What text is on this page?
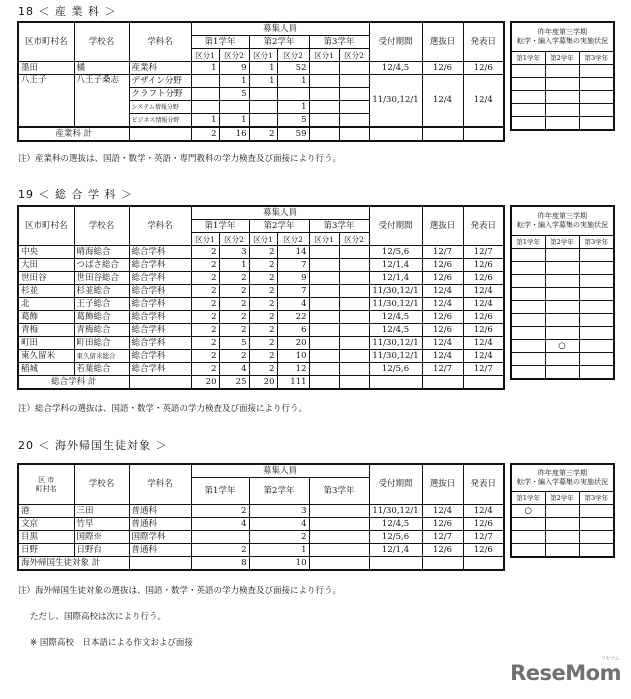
18 ＜ 産 業 科 ＞
区市町村名	学校名	学科名	募集人員						受付期間	選抜日	発表日
			第1学年		第2学年		第3学年				
			区分1	区分2	区分1	区分2	区分1	区分2			
墨田	橘	産業科	1	9	1	52			12/4,5	12/6	12/6
八王子	八王子桑志	デザイン分野		1	1	1			11/30,12/1	12/4	12/4
		クラフト分野		5							
		システム情報分野				1					
		ビジネス情報分野	1	1		5					
産業科 計			2	16	2	59					
昨年度第三学期
転学・編入学募集の実施状況		
第1学年	第2学年	第3学年

注）産業科の選抜は、国語・数学・英語・専門教科の学力検査及び面接により行う。
19 ＜ 総 合 学 科 ＞
区市町村名	学校名	学科名	募集人員						受付期間	選抜日	発表日
			第1学年		第2学年		第3学年				
			区分1	区分2	区分1	区分2	区分1	区分2			
中央	晴海総合	総合学科	2	3	2	14			12/5,6	12/7	12/7
大田	つばさ総合	総合学科	2	1	2	7			12/1,4	12/6	12/6
世田谷	世田谷総合	総合学科	2	2	2	9			12/1,4	12/6	12/6
杉並	杉並総合	総合学科	2	2	2	7			11/30,12/1	12/4	12/4
北	王子総合	総合学科	2	2	2	4			11/30,12/1	12/4	12/4
葛飾	葛飾総合	総合学科	2	2	2	22			12/4,5	12/6	12/6
青梅	青梅総合	総合学科	2	2	2	6			12/4,5	12/6	12/6
町田	町田総合	総合学科	2	5	2	20			11/30,12/1	12/4	12/4
東久留米	東久留米総合	総合学科	2	2	2	10			11/30,12/1	12/4	12/4
稲城	若葉総合	総合学科	2	4	2	12			12/5,6	12/7	12/7
総合学科 計			20	25	20	111					
昨年度第三学期
転学・編入学募集の実施状況		
第1学年	第2学年	第3学年

	○	

注）総合学科の選抜は、国語・数学・英語の学力検査及び面接により行う。
20 ＜ 海外帰国生徒対象 ＞
区 市
町村名	学校名	学科名	募集人員			受付期間	選抜日	発表日
			第1学年	第2学年	第3学年			
港	三田	普通科	2	3		11/30,12/1	12/4	12/4
文京	竹早	普通科	4	4		12/4,5	12/6	12/6
目黒	国際※	国際学科		2		12/5,6	12/7	12/7
日野	日野台	普通科	2	1		12/1,4	12/6	12/6
海外帰国生徒対象 計			8	10				
昨年度第三学期
転学・編入学募集の実施状況		
第1学年	第2学年	第3学年
○		

注）海外帰国生徒対象の選抜は、国語・数学・英語の学力検査及び面接により行う。
ただし、国際高校は次により行う。
※ 国際高校　日本語による作文および面接
リセマム
ReseMom
